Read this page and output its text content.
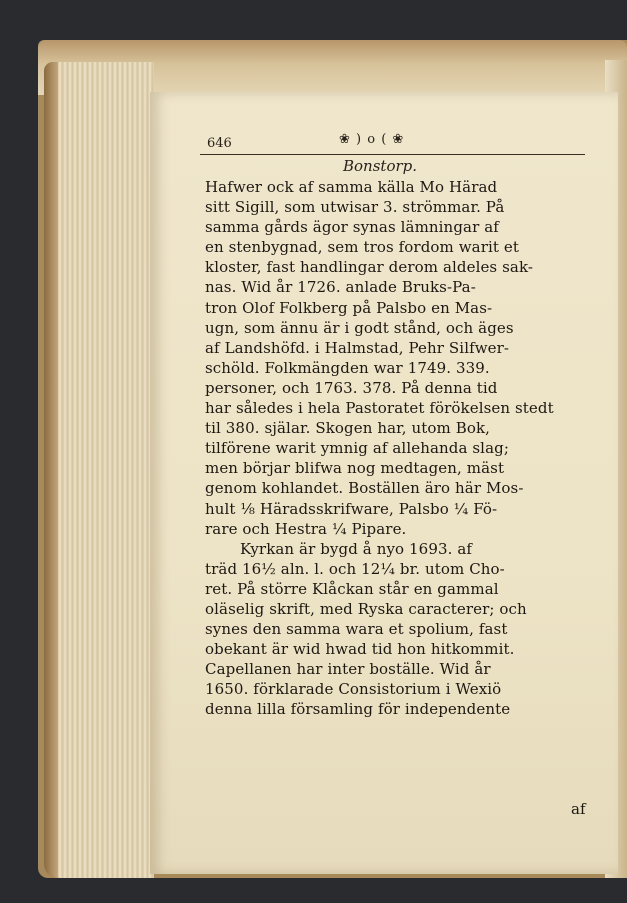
646	❀ ) o ( ❀
Bonstorp.
Hafwer ock af samma källa Mo Härad
sitt Sigill, som utwisar 3. strömmar. På
samma gårds ägor synas lämningar af
en stenbygnad, sem tros fordom warit et
kloster, fast handlingar derom aldeles sak-
nas. Wid år 1726. anlade Bruks-Pa-
tron Olof Folkberg på Palsbo en Mas-
ugn, som ännu är i godt stånd, och äges
af Landshöfd. i Halmstad, Pehr Silfwer-
schöld. Folkmängden war 1749. 339.
personer, och 1763. 378. På denna tid
har således i hela Pastoratet förökelsen stedt
til 380. själar. Skogen har, utom Bok,
tilförene warit ymnig af allehanda slag;
men börjar blifwa nog medtagen, mäst
genom kohlandet. Boställen äro här Mos-
hult ⅛ Häradsskrifware, Palsbo ¼ Fö-
rare och Hestra ¼ Pipare.
Kyrkan är bygd å nyo 1693. af
träd 16½ aln. l. och 12¼ br. utom Cho-
ret. På större Klåckan står en gammal
oläselig skrift, med Ryska caracterer; och
synes den samma wara et spolium, fast
obekant är wid hwad tid hon hitkommit.
Capellanen har inter boställe. Wid år
1650. förklarade Consistorium i Wexiö
denna lilla församling för independente
af
